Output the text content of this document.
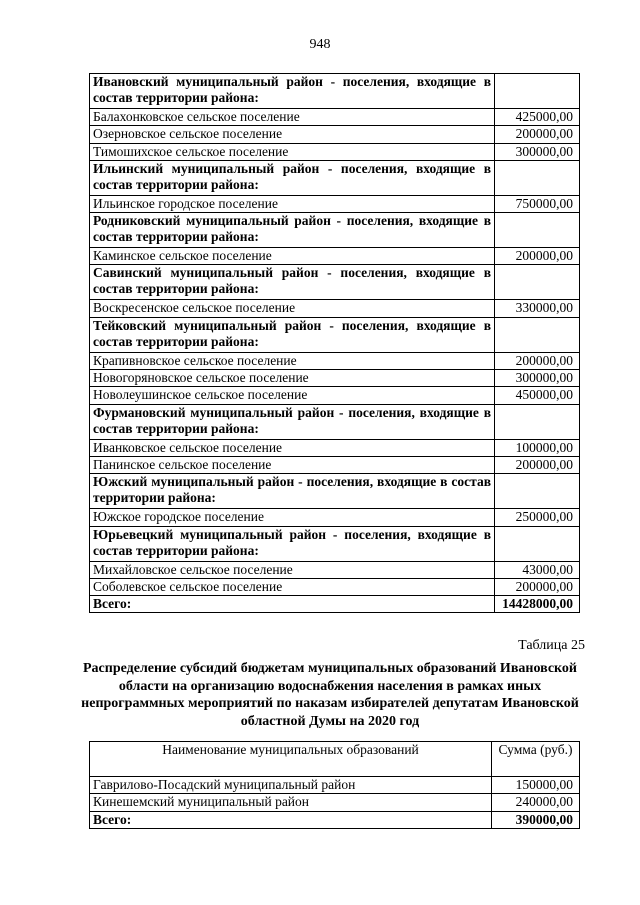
948
Ивановский муниципальный район - поселения, входящие в состав территории района:	
Балахонковское сельское поселение	425000,00
Озерновское сельское поселение	200000,00
Тимошихское сельское поселение	300000,00
Ильинский муниципальный район - поселения, входящие в состав территории района:	
Ильинское городское поселение	750000,00
Родниковский муниципальный район - поселения, входящие в состав территории района:	
Каминское сельское поселение	200000,00
Савинский муниципальный район - поселения, входящие в состав территории района:	
Воскресенское сельское поселение	330000,00
Тейковский муниципальный район - поселения, входящие в состав территории района:	
Крапивновское сельское поселение	200000,00
Новогоряновское сельское поселение	300000,00
Новолеушинское сельское поселение	450000,00
Фурмановский муниципальный район - поселения, входящие в состав территории района:	
Иванковское сельское поселение	100000,00
Панинское сельское поселение	200000,00
Южский муниципальный район - поселения, входящие в состав территории района:	
Южское городское поселение	250000,00
Юрьевецкий муниципальный район - поселения, входящие в состав территории района:	
Михайловское сельское поселение	43000,00
Соболевское сельское поселение	200000,00
Всего:	14428000,00
Таблица 25
Распределение субсидий бюджетам муниципальных образований Ивановской области на организацию водоснабжения населения в рамках иных непрограммных мероприятий по наказам избирателей депутатам Ивановской областной Думы на 2020 год
Наименование муниципальных образований	Сумма (руб.)
Гаврилово-Посадский муниципальный район	150000,00
Кинешемский муниципальный район	240000,00
Всего:	390000,00
